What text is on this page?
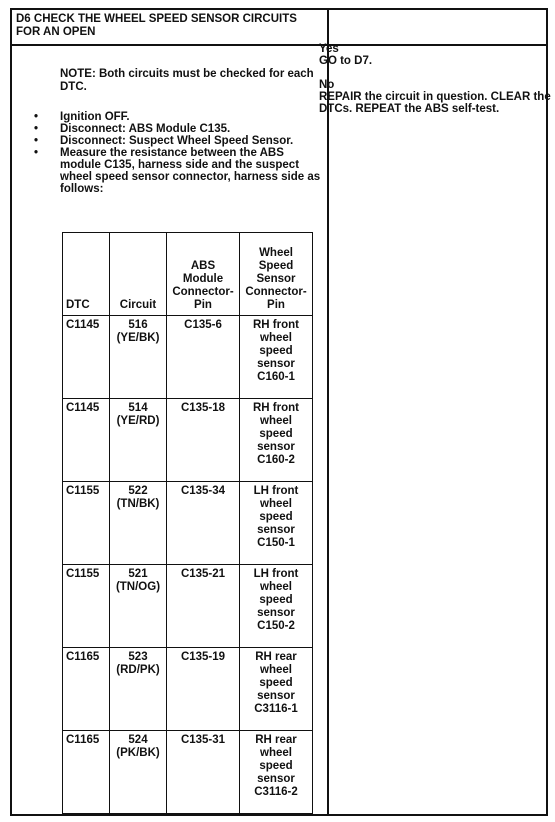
D6 CHECK THE WHEEL SPEED SENSOR CIRCUITS FOR AN OPEN
NOTE: Both circuits must be checked for each DTC.
• Ignition OFF.
• Disconnect: ABS Module C135.
• Disconnect: Suspect Wheel Speed Sensor.
• Measure the resistance between the ABS module C135, harness side and the suspect wheel speed sensor connector, harness side as follows:
DTC	Circuit	ABS Module Connector-Pin	Wheel Speed Sensor Connector-Pin
C1145	516 (YE/BK)	C135-6	RH front wheel speed sensor C160-1
C1145	514 (YE/RD)	C135-18	RH front wheel speed sensor C160-2
C1155	522 (TN/BK)	C135-34	LH front wheel speed sensor C150-1
C1155	521 (TN/OG)	C135-21	LH front wheel speed sensor C150-2
C1165	523 (RD/PK)	C135-19	RH rear wheel speed sensor C3116-1
C1165	524 (PK/BK)	C135-31	RH rear wheel speed sensor C3116-2
Yes
GO to D7.
No
REPAIR the circuit in question. CLEAR the DTCs. REPEAT the ABS self-test.
